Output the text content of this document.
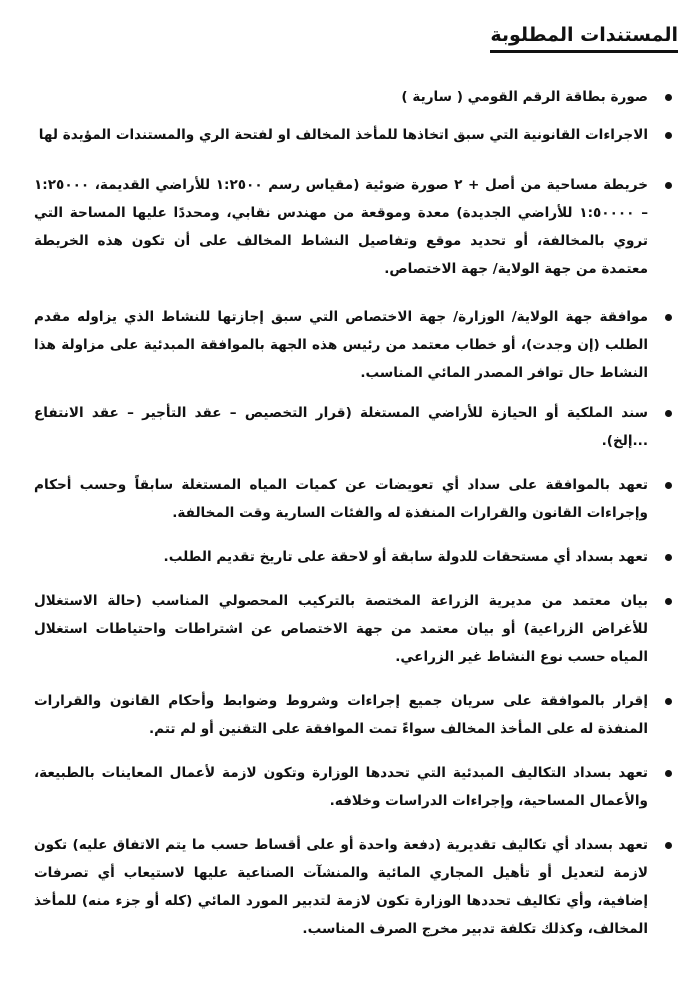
المستندات المطلوبة
صورة بطاقة الرقم القومي ( سارية )
الاجراءات القانونية التي سبق اتخاذها للمأخذ المخالف او لفتحة الري والمستندات المؤيدة لها
خريطة مساحية من أصل + ٢ صورة ضوئية (مقياس رسم ١:٢٥٠٠ للأراضي القديمة، ١:٢٥٠٠٠ – ١:٥٠٠٠٠ للأراضي الجديدة) معدة وموقعة من مهندس نقابي، ومحددًا عليها المساحة التي تروي بالمخالفة، أو تحديد موقع وتفاصيل النشاط المخالف على أن تكون هذه الخريطة معتمدة من جهة الولاية/ جهة الاختصاص.
موافقة جهة الولاية/ الوزارة/ جهة الاختصاص التي سبق إجازتها للنشاط الذي يزاوله مقدم الطلب (إن وجدت)، أو خطاب معتمد من رئيس هذه الجهة بالموافقة المبدئية على مزاولة هذا النشاط حال توافر المصدر المائي المناسب.
سند الملكية أو الحيازة للأراضي المستغلة (قرار التخصيص – عقد التأجير – عقد الانتفاع ...إلخ).
تعهد بالموافقة على سداد أي تعويضات عن كميات المياه المستغلة سابقاً وحسب أحكام وإجراءات القانون والقرارات المنفذة له والفئات السارية وقت المخالفة.
تعهد بسداد أي مستحقات للدولة سابقة أو لاحقة على تاريخ تقديم الطلب.
بيان معتمد من مديرية الزراعة المختصة بالتركيب المحصولي المناسب (حالة الاستغلال للأغراض الزراعية) أو بيان معتمد من جهة الاختصاص عن اشتراطات واحتياطات استغلال المياه حسب نوع النشاط غير الزراعي.
إقرار بالموافقة على سريان جميع إجراءات وشروط وضوابط وأحكام القانون والقرارات المنفذة له على المأخذ المخالف سواءً تمت الموافقة على التقنين أو لم تتم.
تعهد بسداد التكاليف المبدئية التي تحددها الوزارة وتكون لازمة لأعمال المعاينات بالطبيعة، والأعمال المساحية، وإجراءات الدراسات وخلافه.
تعهد بسداد أي تكاليف تقديرية (دفعة واحدة أو على أقساط حسب ما يتم الاتفاق عليه) تكون لازمة لتعديل أو تأهيل المجاري المائية والمنشآت الصناعية عليها لاستيعاب أي تصرفات إضافية، وأي تكاليف تحددها الوزارة تكون لازمة لتدبير المورد المائي (كله أو جزء منه) للمأخذ المخالف، وكذلك تكلفة تدبير مخرج الصرف المناسب.
